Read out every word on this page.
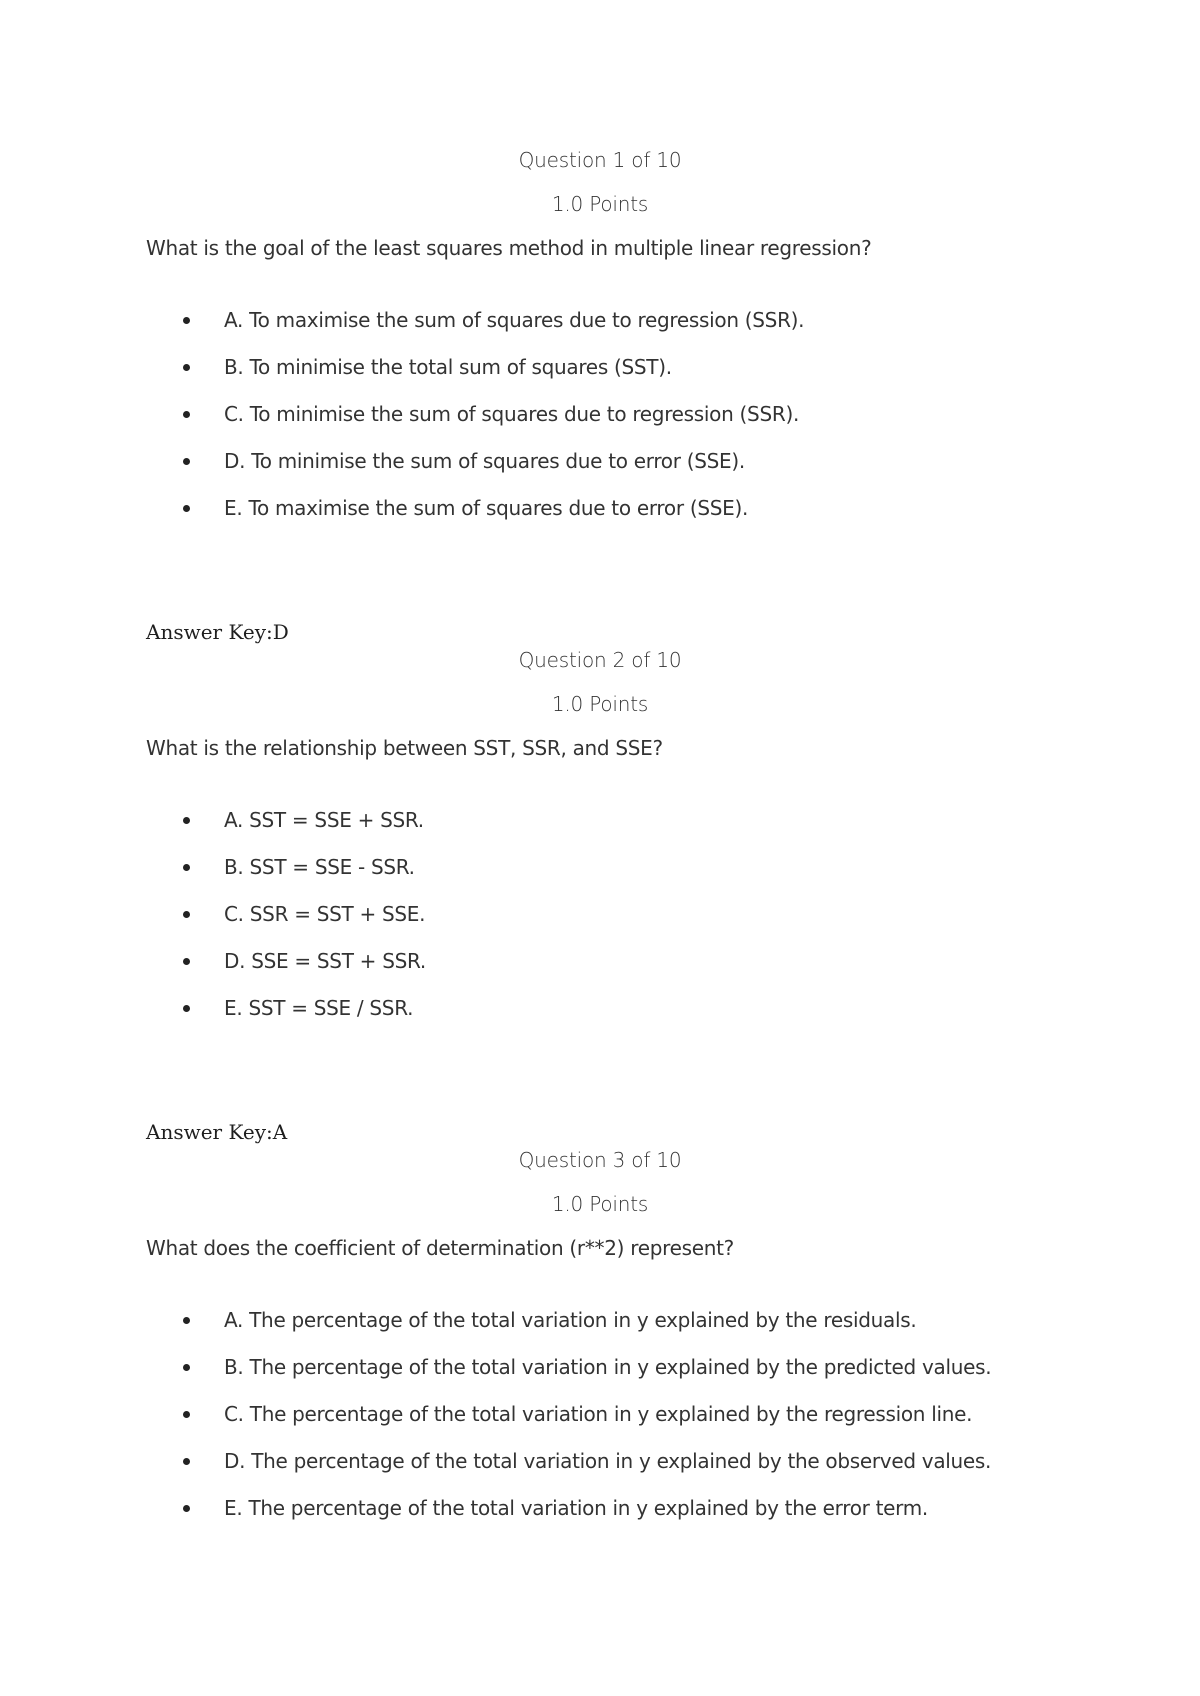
Question 1 of 10
1.0 Points
What is the goal of the least squares method in multiple linear regression?
A. To maximise the sum of squares due to regression (SSR).
B. To minimise the total sum of squares (SST).
C. To minimise the sum of squares due to regression (SSR).
D. To minimise the sum of squares due to error (SSE).
E. To maximise the sum of squares due to error (SSE).
Answer Key:D
Question 2 of 10
1.0 Points
What is the relationship between SST, SSR, and SSE?
A. SST = SSE + SSR.
B. SST = SSE - SSR.
C. SSR = SST + SSE.
D. SSE = SST + SSR.
E. SST = SSE / SSR.
Answer Key:A
Question 3 of 10
1.0 Points
What does the coefficient of determination (r**2) represent?
A. The percentage of the total variation in y explained by the residuals.
B. The percentage of the total variation in y explained by the predicted values.
C. The percentage of the total variation in y explained by the regression line.
D. The percentage of the total variation in y explained by the observed values.
E. The percentage of the total variation in y explained by the error term.
